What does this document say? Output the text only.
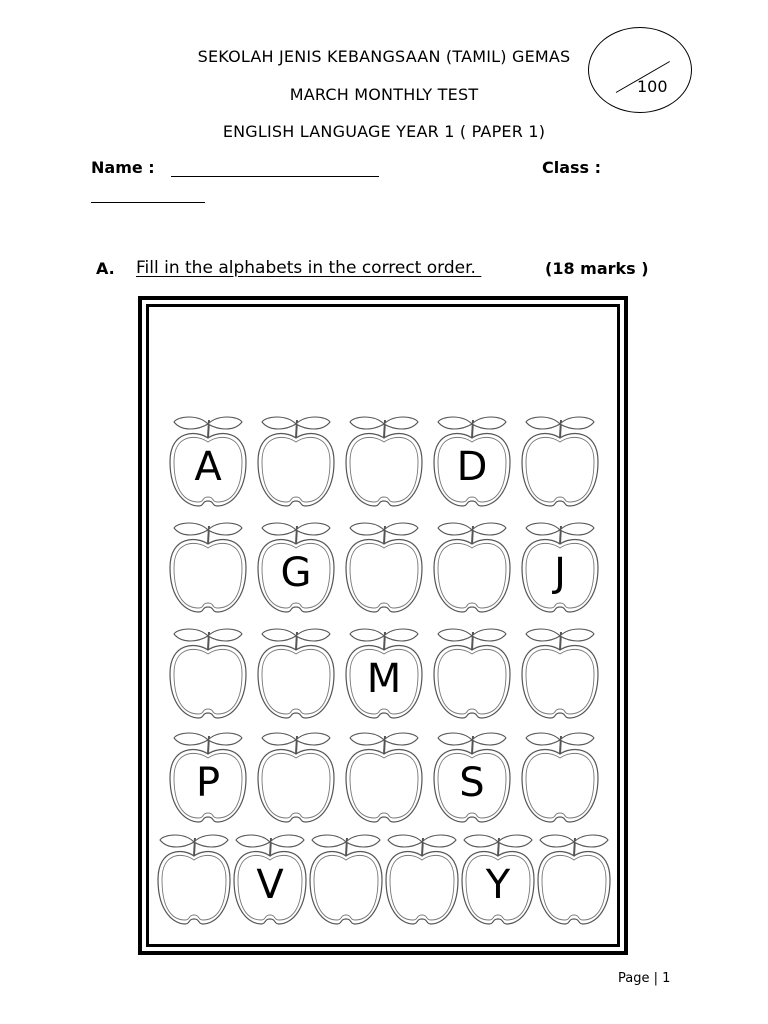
SEKOLAH JENIS KEBANGSAAN (TAMIL) GEMAS
MARCH MONTHLY TEST
ENGLISH LANGUAGE YEAR 1 ( PAPER 1)
100
Name :	Class :
A. Fill in the alphabets in the correct order.	(18 marks )
A	D
G	J
M
P	S
V	Y
Page | 1
